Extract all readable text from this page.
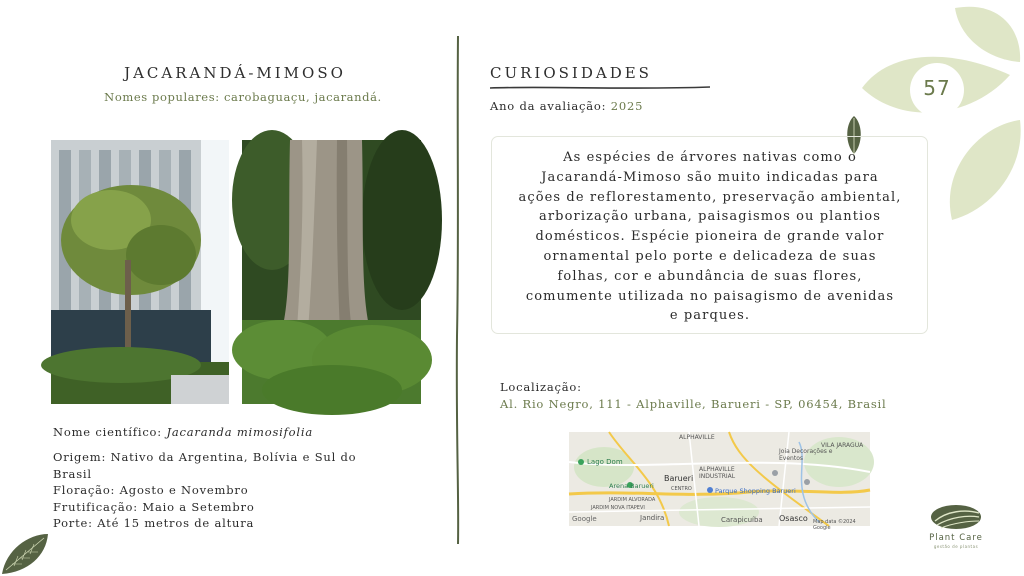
57
JACARANDÁ-MIMOSO
Nomes populares: carobaguaçu, jacarandá.
Nome científico: Jacaranda mimosifolia
Origem: Nativo da Argentina, Bolívia e Sul do
Brasil
Floração: Agosto e Novembro
Frutificação: Maio a Setembro
Porte: Até 15 metros de altura
CURIOSIDADES
Ano da avaliação: 2025
As espécies de árvores nativas como o
Jacarandá-Mimoso são muito indicadas para
ações de reflorestamento, preservação ambiental,
arborização urbana, paisagismos ou plantios
domésticos. Espécie pioneira de grande valor
ornamental pelo porte e delicadeza de suas
folhas, cor e abundância de suas flores,
comumente utilizada no paisagismo de avenidas
e parques.
Localização:
Al. Rio Negro, 111 - Alphaville, Barueri - SP, 06454, Brasil
ALPHAVILLE
VILA JARAGUA
Lago Dom
Barueri
ALPHAVILLE INDUSTRIAL
Joia Decorações e Eventos
Arena Barueri	CENTRO	Parque Shopping Barueri
JARDIM ALVORADA
JARDIM NOVA ITAPEVI
Google	Jandira	Carapicuíba Osasco Map data ©2024 Google
Plant Care
gestão de plantas
